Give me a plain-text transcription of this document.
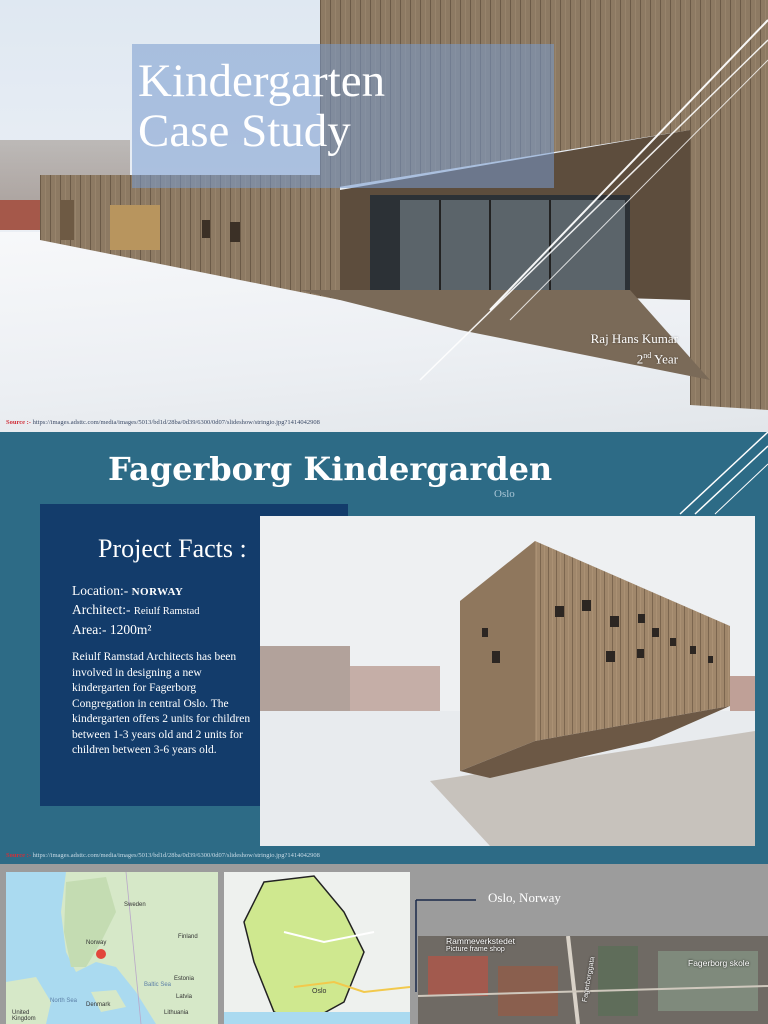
Kindergarten
Case Study
Raj Hans Kumar
2nd Year
Source :- https://images.adsttc.com/media/images/5013/bd1d/28ba/0d39/6300/0d07/slideshow/stringio.jpg?1414042908
Fagerborg Kindergarden
Oslo
Project Facts :
Location:- NORWAY
Architect:- Reiulf Ramstad
Area:- 1200m²

Reiulf Ramstad Architects has been involved in designing a new kindergarten for Fagerborg Congregation in central Oslo. The kindergarten offers 2 units for children between 1-3 years old and 2 units for children between 3-6 years old.

Source :- https://images.adsttc.com/media/images/5013/bd1d/28ba/0d39/6300/0d07/slideshow/stringio.jpg?1414042908
Sweden
Finland
Norway
Estonia
Latvia
Denmark
Lithuania
United Kingdom
North Sea
Baltic Sea
Oslo
Oslo, Norway
Rammeverkstedet
Picture frame shop
Fagerborg skole
Fagerborggata
